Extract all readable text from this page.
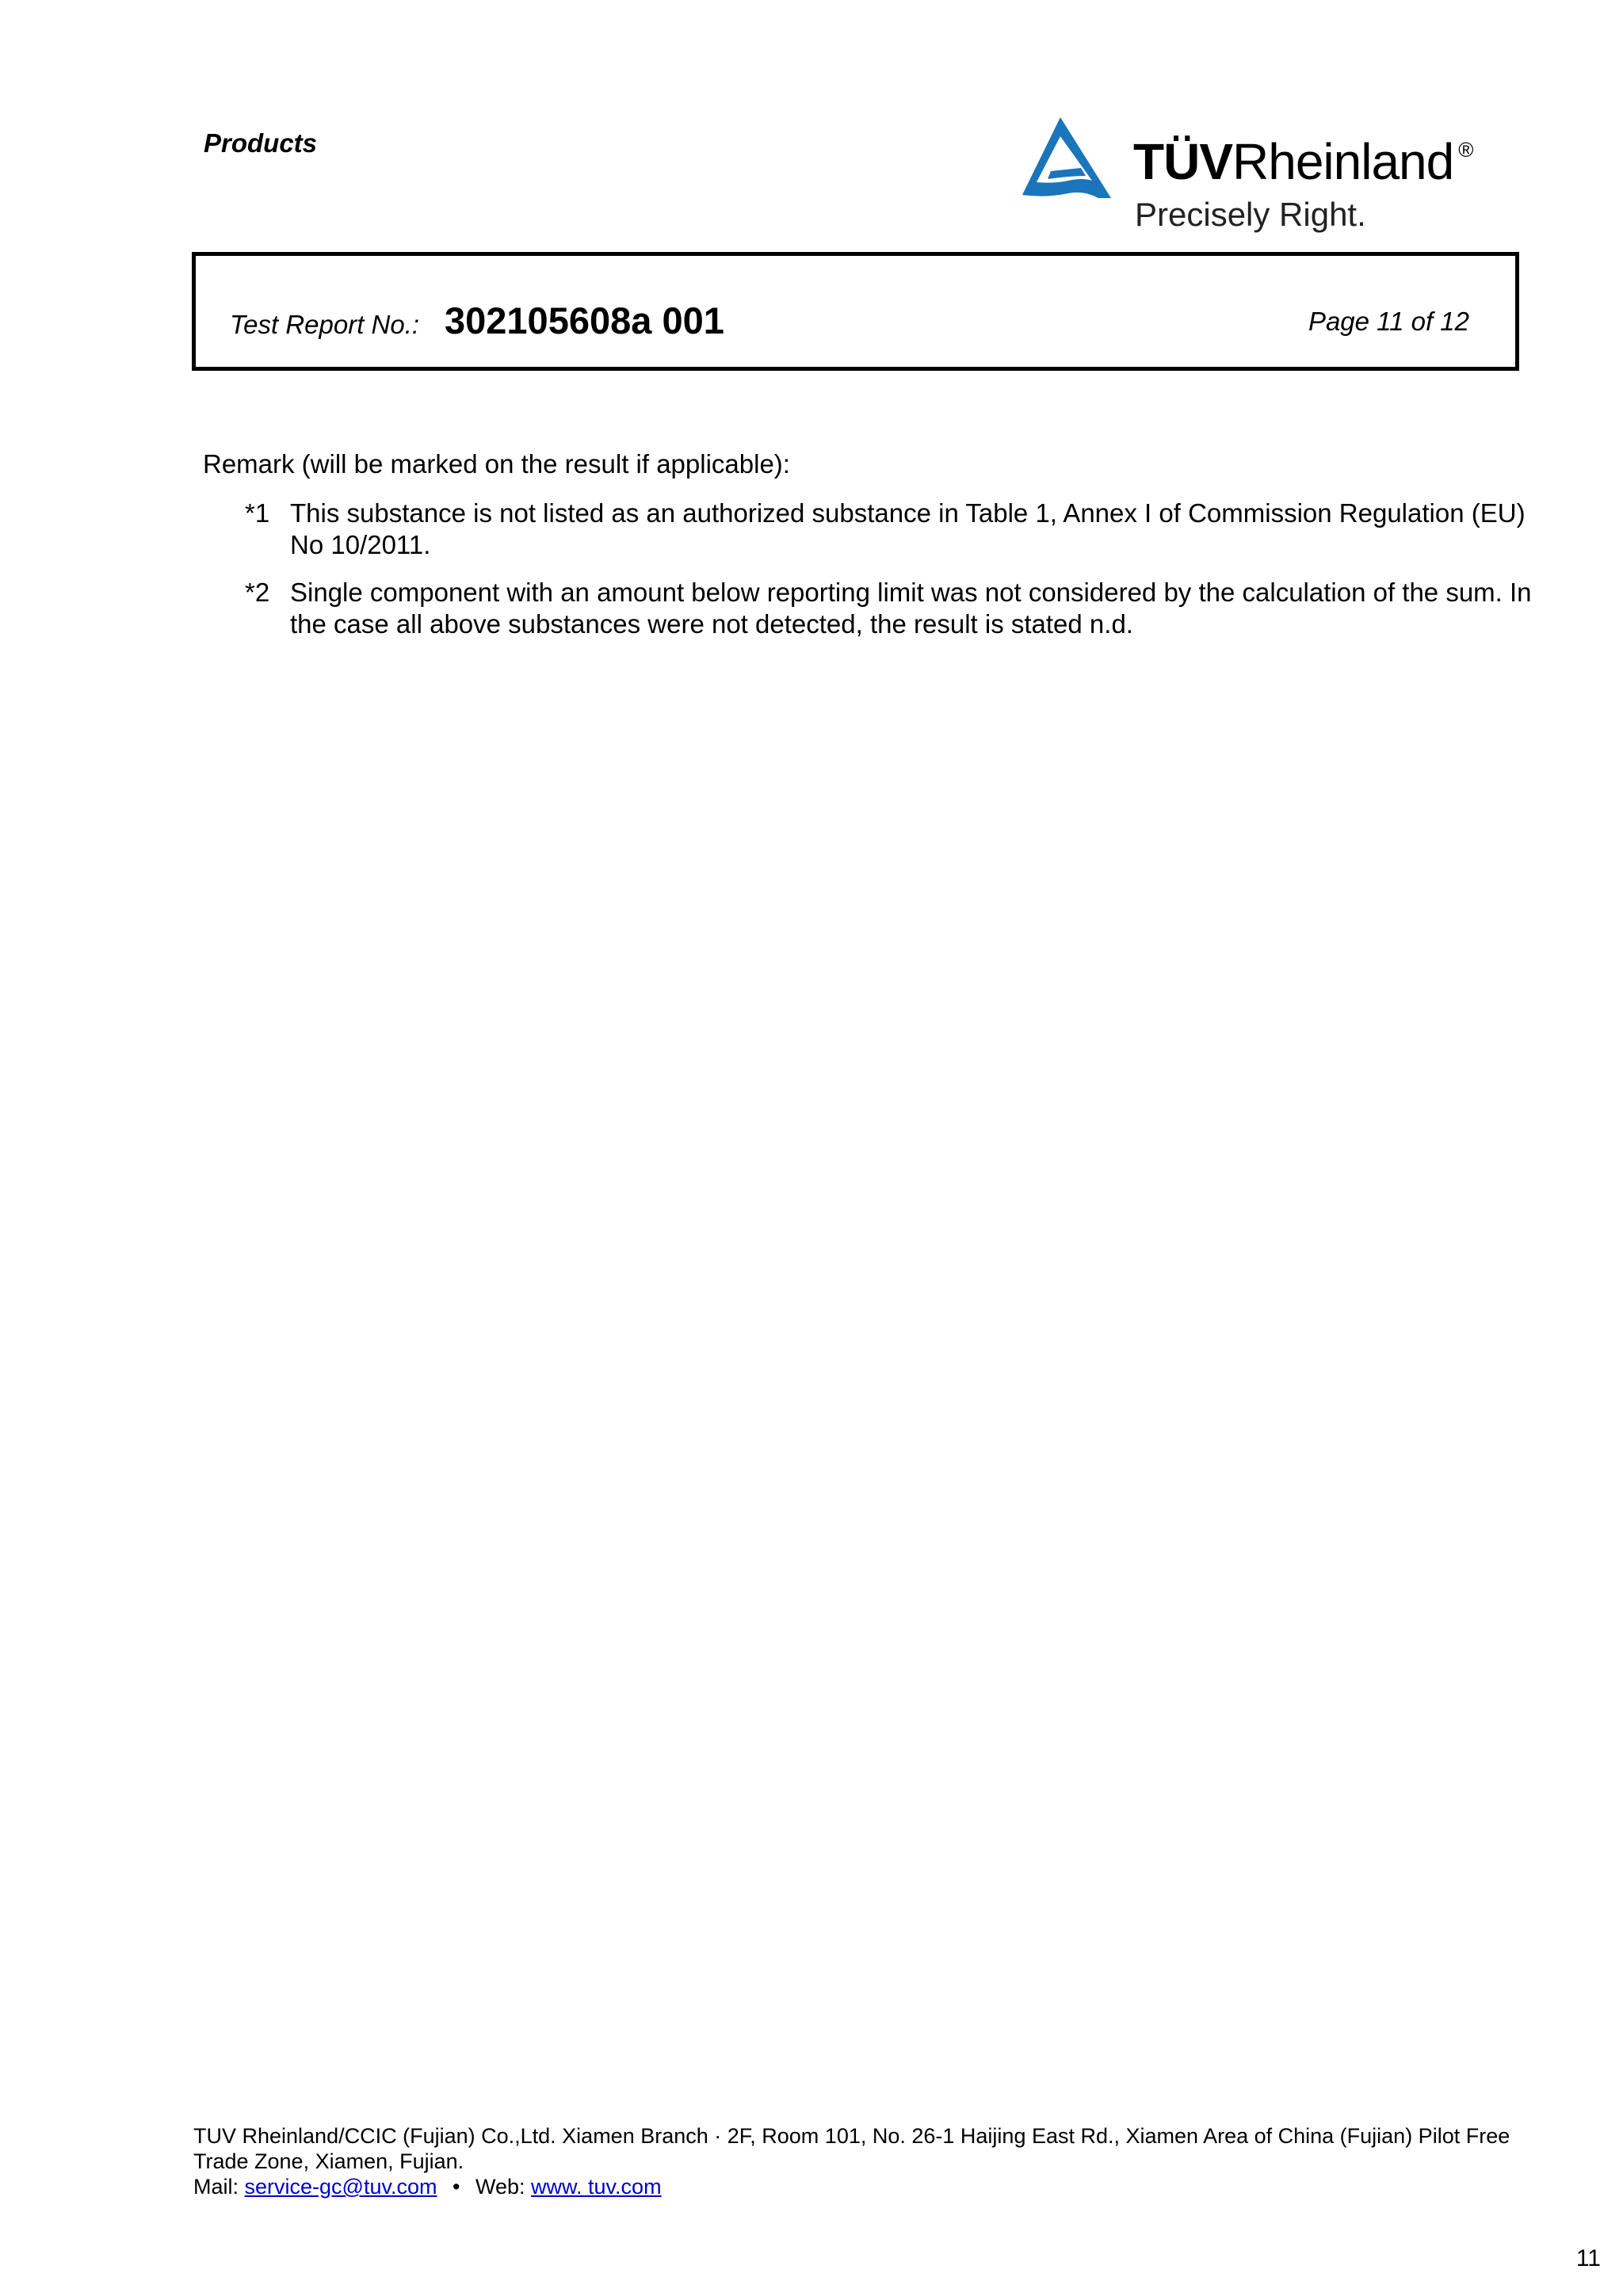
Products	TÜVRheinland ®
Precisely Right.
Test Report No.: 302105608a 001	Page 11 of 12
Remark (will be marked on the result if applicable):
*1 This substance is not listed as an authorized substance in Table 1, Annex I of Commission Regulation (EU) No 10/2011.
*2 Single component with an amount below reporting limit was not considered by the calculation of the sum. In the case all above substances were not detected, the result is stated n.d.
TUV Rheinland/CCIC (Fujian) Co.,Ltd. Xiamen Branch · 2F, Room 101, No. 26-1 Haijing East Rd., Xiamen Area of China (Fujian) Pilot Free Trade Zone, Xiamen, Fujian.
Mail: service-gc@tuv.com • Web: www. tuv.com
11
